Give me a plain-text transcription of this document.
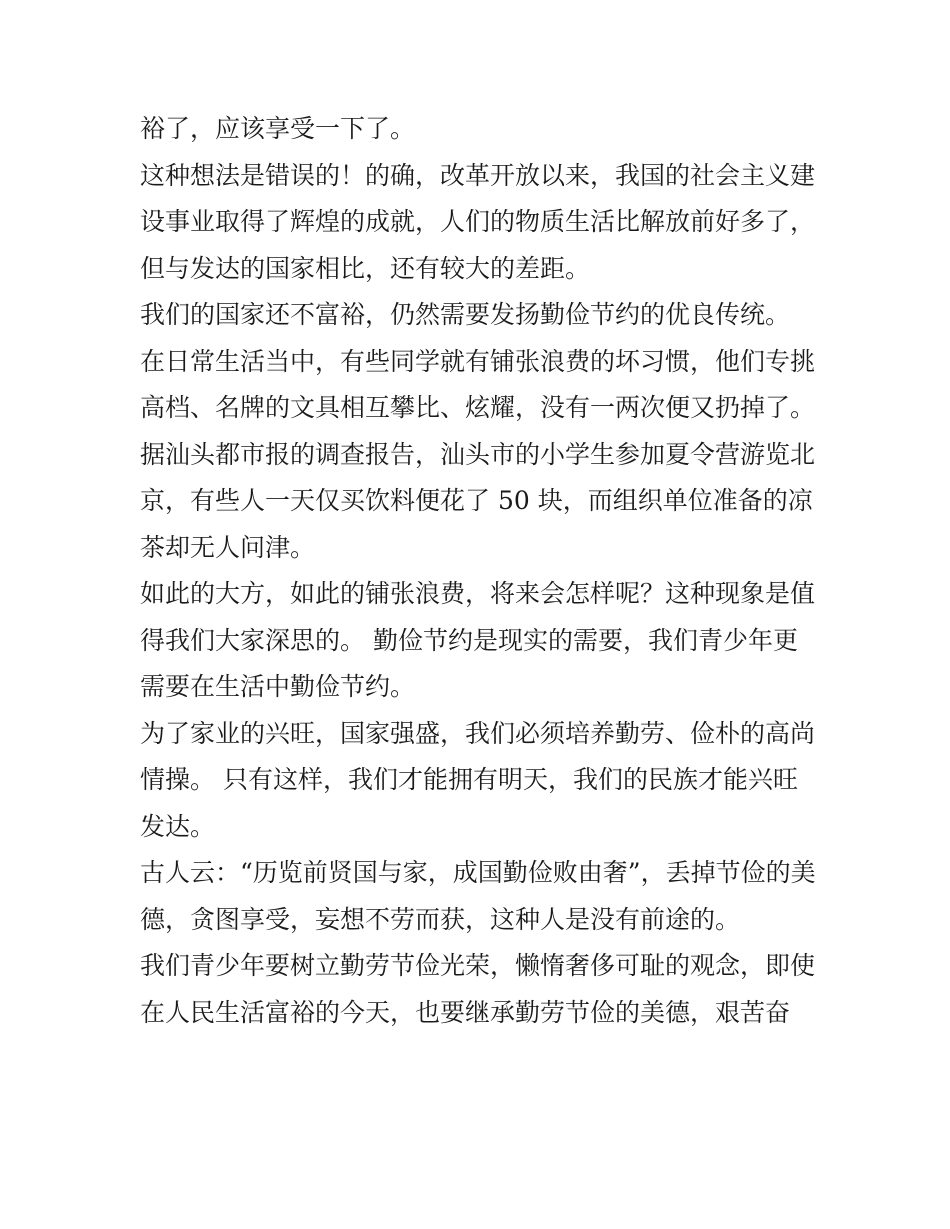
裕了，应该享受一下了。
这种想法是错误的！的确，改革开放以来，我国的社会主义建
设事业取得了辉煌的成就，人们的物质生活比解放前好多了，
但与发达的国家相比，还有较大的差距。
我们的国家还不富裕，仍然需要发扬勤俭节约的优良传统。
在日常生活当中，有些同学就有铺张浪费的坏习惯，他们专挑
高档、名牌的文具相互攀比、炫耀，没有一两次便又扔掉了。
据汕头都市报的调查报告，汕头市的小学生参加夏令营游览北
京，有些人一天仅买饮料便花了 50 块，而组织单位准备的凉
茶却无人问津。
如此的大方，如此的铺张浪费，将来会怎样呢？这种现象是值
得我们大家深思的。 勤俭节约是现实的需要，我们青少年更
需要在生活中勤俭节约。
为了家业的兴旺，国家强盛，我们必须培养勤劳、俭朴的高尚
情操。 只有这样，我们才能拥有明天，我们的民族才能兴旺
发达。
古人云：“历览前贤国与家，成国勤俭败由奢”，丢掉节俭的美
德，贪图享受，妄想不劳而获，这种人是没有前途的。
我们青少年要树立勤劳节俭光荣，懒惰奢侈可耻的观念，即使
在人民生活富裕的今天，也要继承勤劳节俭的美德，艰苦奋
